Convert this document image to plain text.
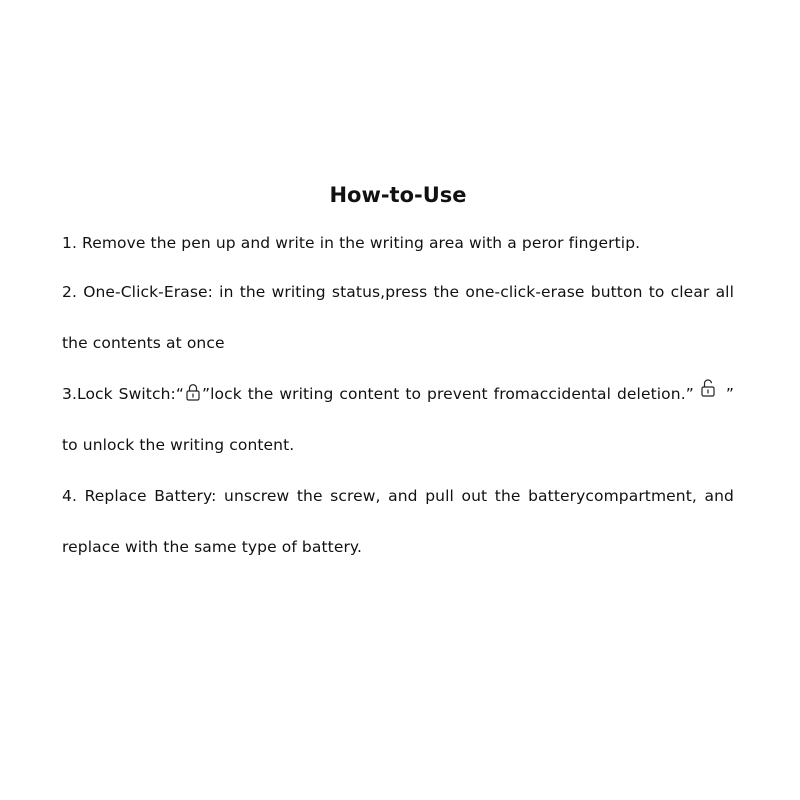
How-to-Use

1. Remove the pen up and write in the writing area with a peror fingertip.

2. One-Click-Erase: in the writing status,press the one-click-erase button to clear all the contents at once

3.Lock Switch:“ ”lock the writing content to prevent fromaccidental deletion.” ” to unlock the writing content.

4. Replace Battery: unscrew the screw, and pull out the batterycompartment, and replace with the same type of battery.
